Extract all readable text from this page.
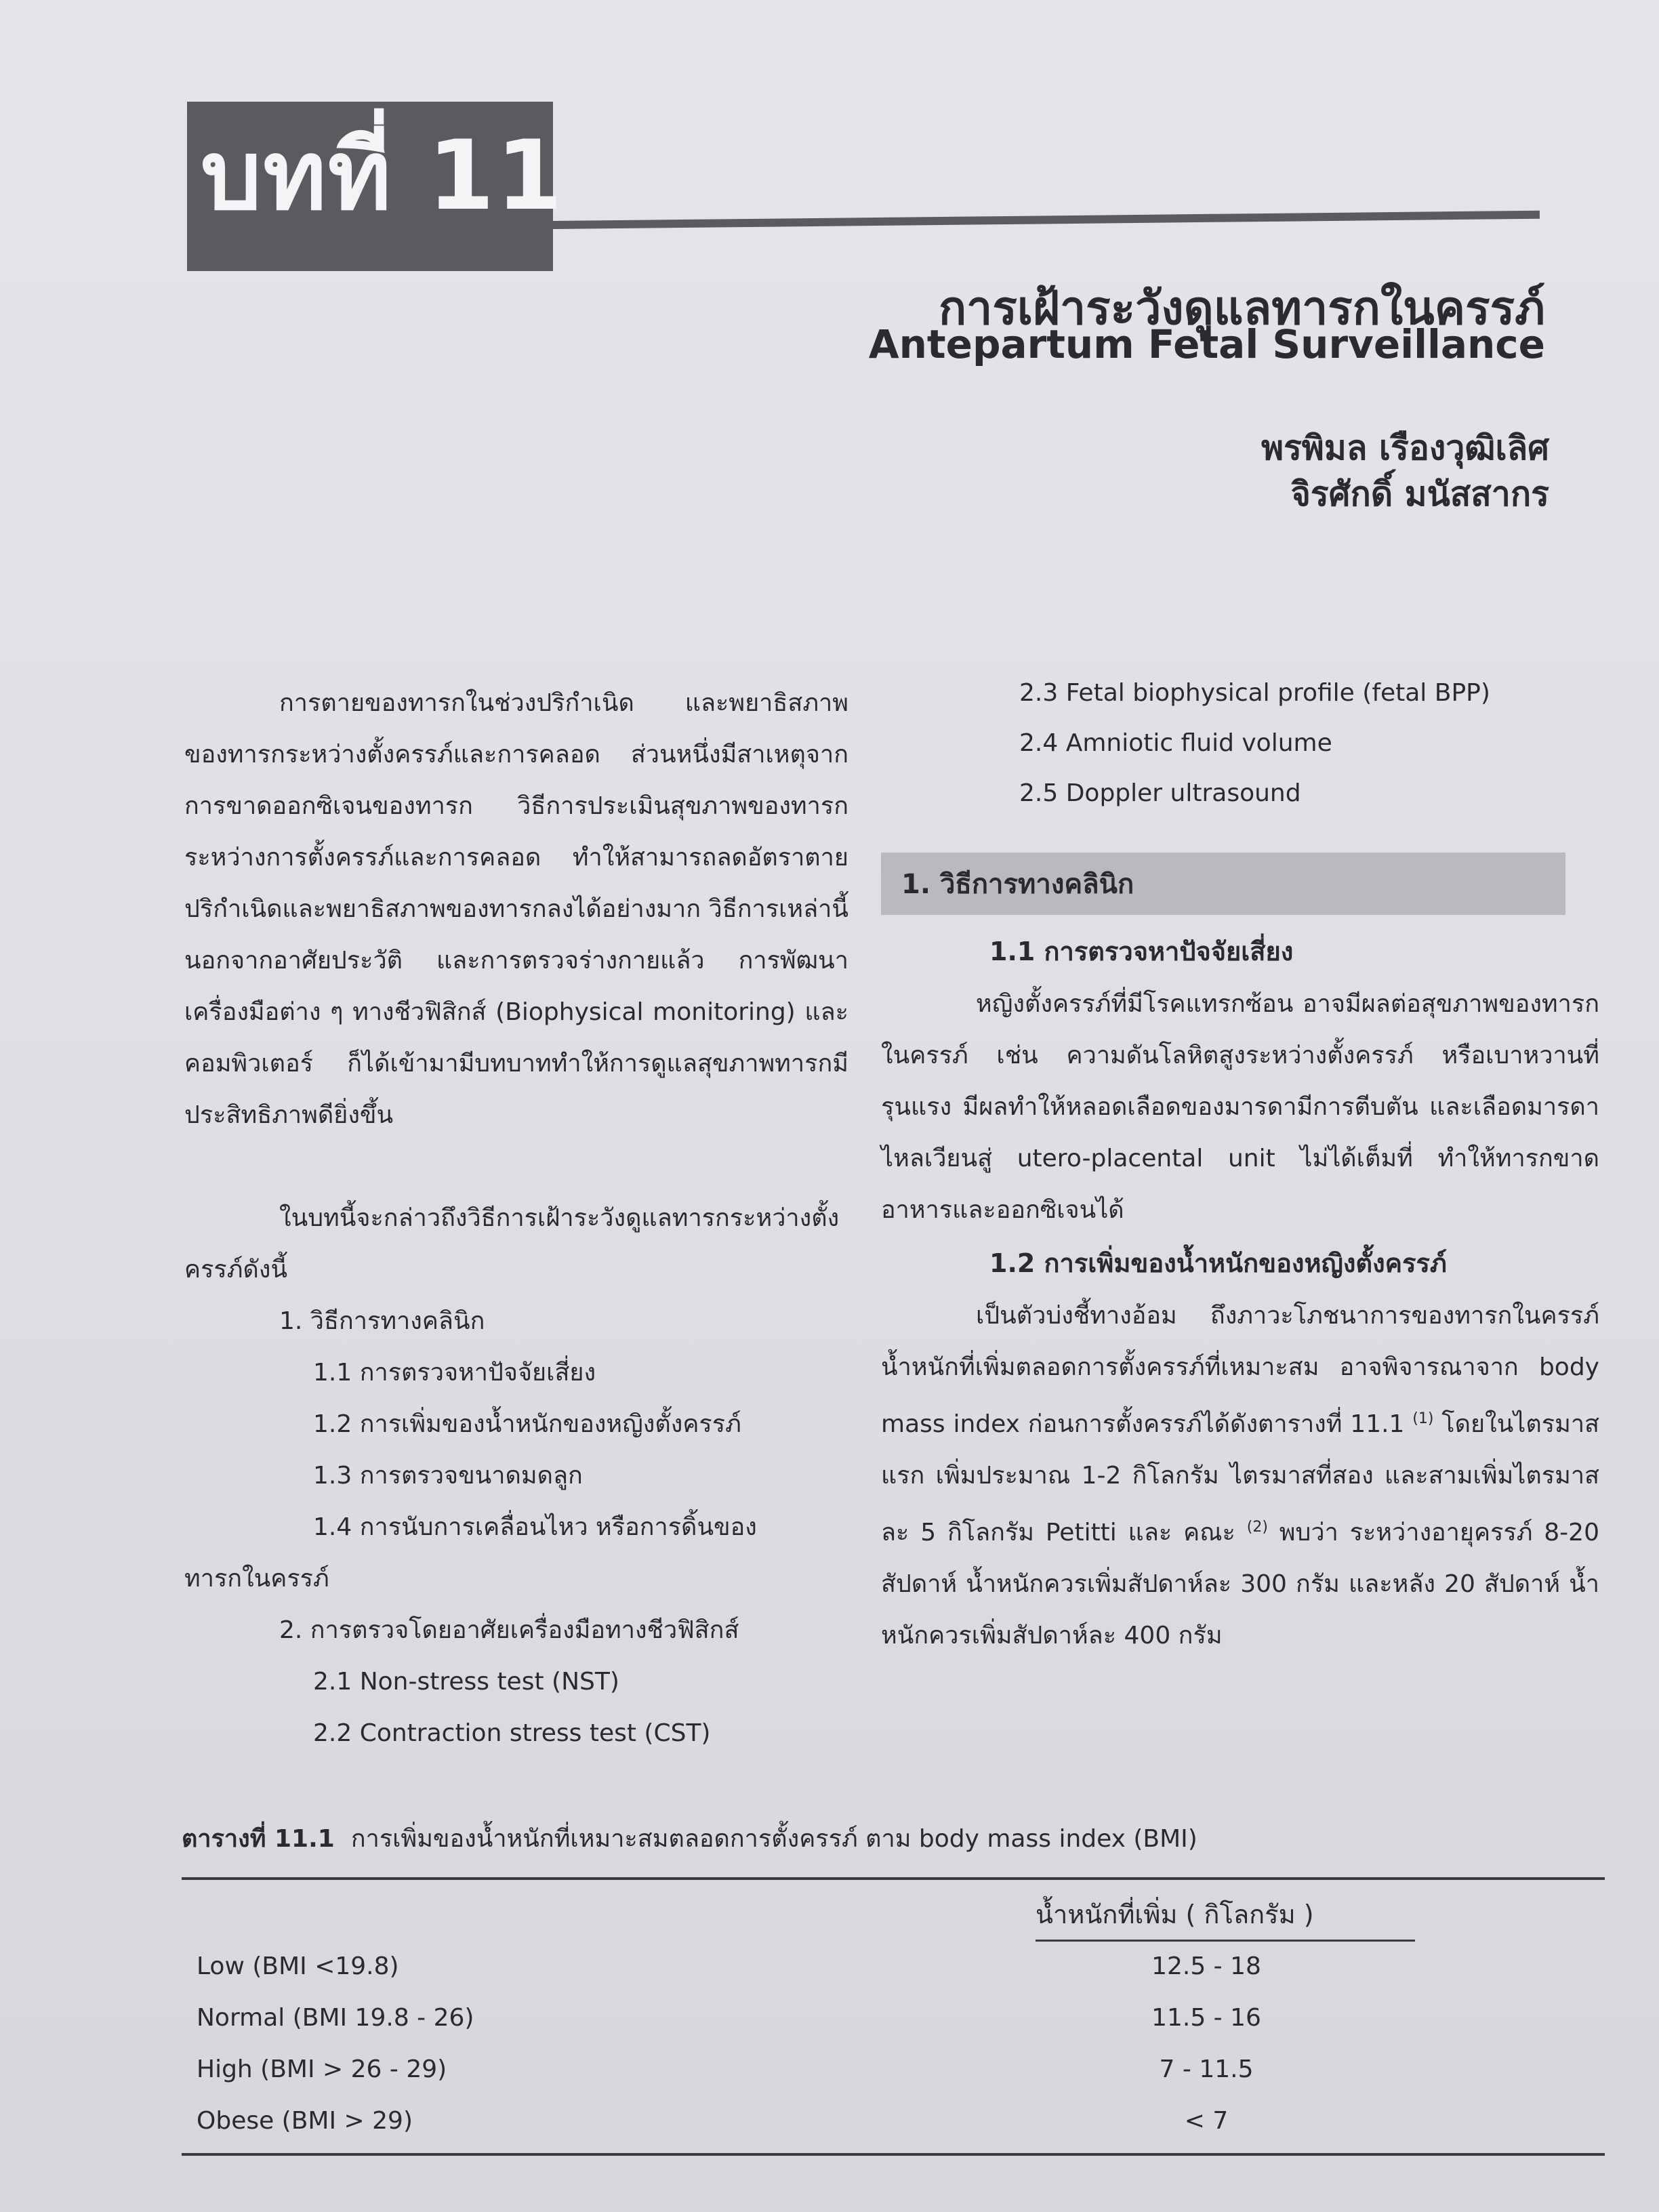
บทที่ 11
การเฝ้าระวังดูแลทารกในครรภ์
Antepartum Fetal Surveillance
พรพิมล เรืองวุฒิเลิศ
จิรศักดิ์ มนัสสากร

การตายของทารกในช่วงปริกำเนิด และพยาธิสภาพของทารกระหว่างตั้งครรภ์และการคลอด ส่วนหนึ่งมีสาเหตุจากการขาดออกซิเจนของทารก วิธีการประเมินสุขภาพของทารกระหว่างการตั้งครรภ์และการคลอด ทำให้สามารถลดอัตราตายปริกำเนิดและพยาธิสภาพของทารกลงได้อย่างมาก วิธีการเหล่านี้ นอกจากอาศัยประวัติ และการตรวจร่างกายแล้ว การพัฒนาเครื่องมือต่าง ๆ ทางชีวฟิสิกส์ (Biophysical monitoring) และคอมพิวเตอร์ ก็ได้เข้ามามีบทบาททำให้การดูแลสุขภาพทารกมีประสิทธิภาพดียิ่งขึ้น

ในบทนี้จะกล่าวถึงวิธีการเฝ้าระวังดูแลทารกระหว่างตั้งครรภ์ดังนี้

1. วิธีการทางคลินิก
1.1 การตรวจหาปัจจัยเสี่ยง
1.2 การเพิ่มของน้ำหนักของหญิงตั้งครรภ์
1.3 การตรวจขนาดมดลูก
1.4 การนับการเคลื่อนไหว หรือการดิ้นของ
ทารกในครรภ์
2. การตรวจโดยอาศัยเครื่องมือทางชีวฟิสิกส์
2.1 Non-stress test (NST)
2.2 Contraction stress test (CST)
2.3 Fetal biophysical profile (fetal BPP)
2.4 Amniotic fluid volume
2.5 Doppler ultrasound
1. วิธีการทางคลินิก
1.1 การตรวจหาปัจจัยเสี่ยง

หญิงตั้งครรภ์ที่มีโรคแทรกซ้อน อาจมีผลต่อสุขภาพของทารกในครรภ์ เช่น ความดันโลหิตสูงระหว่างตั้งครรภ์ หรือเบาหวานที่รุนแรง มีผลทำให้หลอดเลือดของมารดามีการตีบตัน และเลือดมารดาไหลเวียนสู่ utero-placental unit ไม่ได้เต็มที่ ทำให้ทารกขาดอาหารและออกซิเจนได้

1.2 การเพิ่มของน้ำหนักของหญิงตั้งครรภ์

เป็นตัวบ่งชี้ทางอ้อม ถึงภาวะโภชนาการของทารกในครรภ์ น้ำหนักที่เพิ่มตลอดการตั้งครรภ์ที่เหมาะสม อาจพิจารณาจาก body mass index ก่อนการตั้งครรภ์ได้ดังตารางที่ 11.1 $^{(1)}$ โดยในไตรมาสแรก เพิ่มประมาณ 1-2 กิโลกรัม ไตรมาสที่สอง และสามเพิ่มไตรมาสละ 5 กิโลกรัม Petitti และ คณะ $^{(2)}$ พบว่า ระหว่างอายุครรภ์ 8-20 สัปดาห์ น้ำหนักควรเพิ่มสัปดาห์ละ 300 กรัม และหลัง 20 สัปดาห์ น้ำหนักควรเพิ่มสัปดาห์ละ 400 กรัม

ตารางที่ 11.1 การเพิ่มของน้ำหนักที่เหมาะสมตลอดการตั้งครรภ์ ตาม body mass index (BMI)
น้ำหนักที่เพิ่ม ( กิโลกรัม )
Low (BMI <19.8)	12.5 - 18
Normal (BMI 19.8 - 26)	11.5 - 16
High (BMI > 26 - 29)	7 - 11.5
Obese (BMI > 29)	< 7
